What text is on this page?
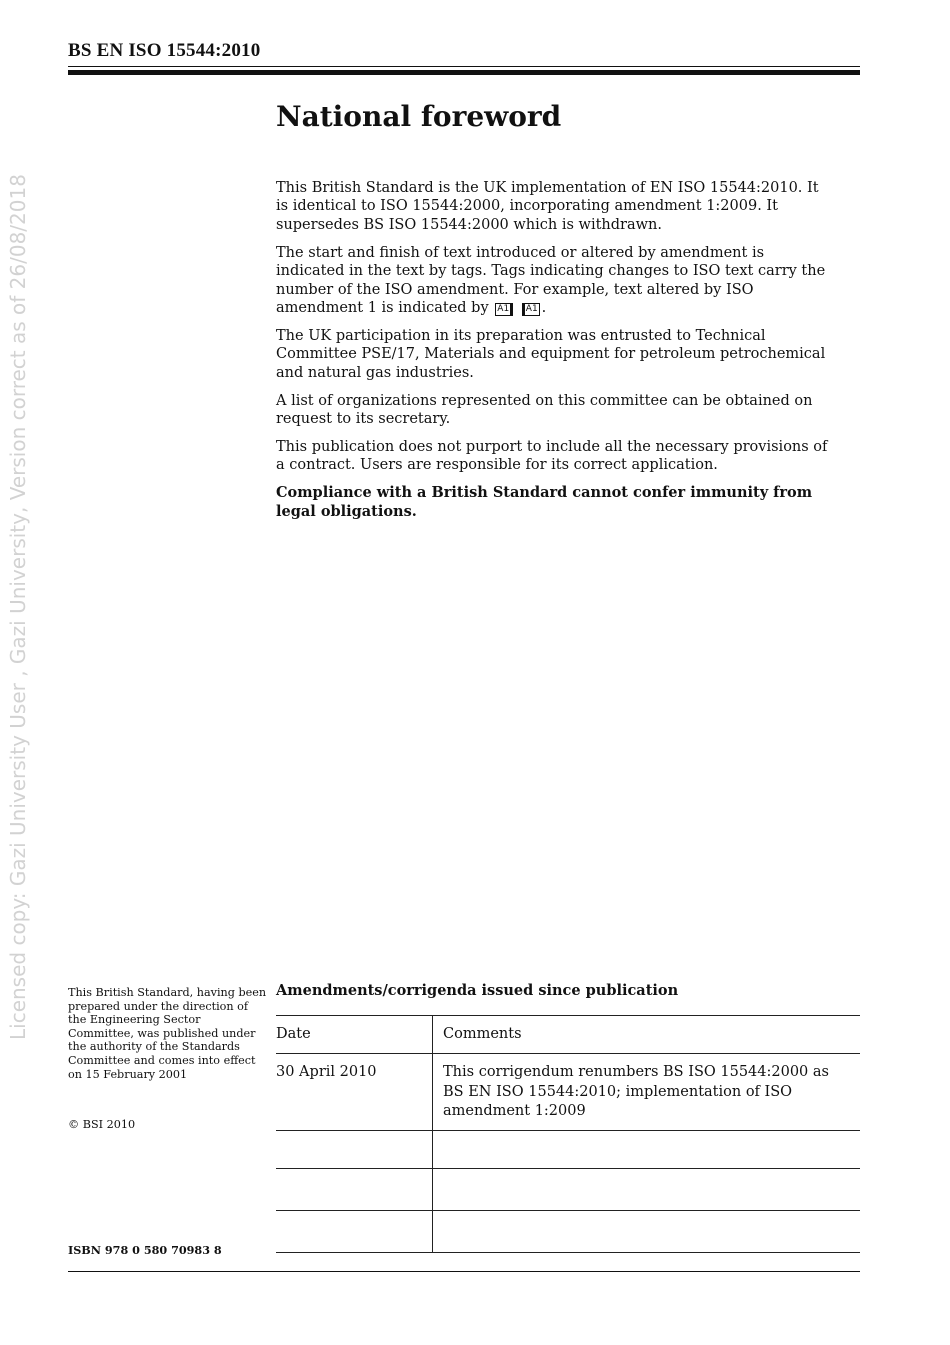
BS EN ISO 15544:2010
Licensed copy: Gazi University User , Gazi University, Version correct as of 26/08/2018
National foreword

This British Standard is the UK implementation of EN ISO 15544:2010. It is identical to ISO 15544:2000, incorporating amendment 1:2009. It supersedes BS ISO 15544:2000 which is withdrawn.

The start and finish of text introduced or altered by amendment is indicated in the text by tags. Tags indicating changes to ISO text carry the number of the ISO amendment. For example, text altered by ISO amendment 1 is indicated by A1 A1 .

The UK participation in its preparation was entrusted to Technical Committee PSE/17, Materials and equipment for petroleum petrochemical and natural gas industries.

A list of organizations represented on this committee can be obtained on request to its secretary.

This publication does not purport to include all the necessary provisions of a contract. Users are responsible for its correct application.

Compliance with a British Standard cannot confer immunity from legal obligations.

This British Standard, having been prepared under the direction of the Engineering Sector Committee, was published under the authority of the Standards Committee and comes into effect on 15 February 2001
© BSI 2010
ISBN 978 0 580 70983 8
Amendments/corrigenda issued since publication
Date	Comments

30 April 2010	This corrigendum renumbers BS ISO 15544:2000 as BS EN ISO 15544:2010; implementation of ISO amendment 1:2009
